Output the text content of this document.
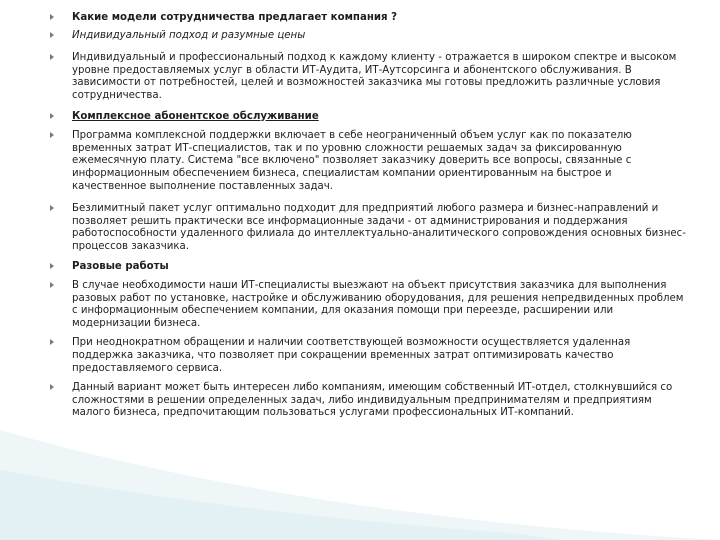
Какие модели сотрудничества предлагает компания ?

Индивидуальный подход и разумные цены

Индивидуальный и профессиональный подход к каждому клиенту - отражается в широком спектре и высоком уровне предоставляемых услуг в области ИТ-Аудита, ИТ-Аутсорсинга и абонентского обслуживания. В зависимости от потребностей, целей и возможностей заказчика мы готовы предложить различные условия сотрудничества.

Комплексное абонентское обслуживание

Программа комплексной поддержки включает в себе неограниченный объем услуг как по показателю временных затрат ИТ-специалистов, так и по уровню сложности решаемых задач за фиксированную ежемесячную плату. Система "все включено" позволяет заказчику доверить все вопросы, связанные с информационным обеспечением бизнеса, специалистам компании ориентированным на быстрое и качественное выполнение поставленных задач.

Безлимитный пакет услуг оптимально подходит для предприятий любого размера и бизнес-направлений и позволяет решить практически все информационные задачи - от администрирования и поддержания работоспособности удаленного филиала до интеллектуально-аналитического сопровождения основных бизнес-процессов заказчика.

Разовые работы

В случае необходимости наши ИТ-специалисты выезжают на объект присутствия заказчика для выполнения разовых работ по установке, настройке и обслуживанию оборудования, для решения непредвиденных проблем с информационным обеспечением компании, для оказания помощи при переезде, расширении или модернизации бизнеса.

При неоднократном обращении и наличии соответствующей возможности осуществляется удаленная поддержка заказчика, что позволяет при сокращении временных затрат оптимизировать качество предоставляемого сервиса.

Данный вариант может быть интересен либо компаниям, имеющим собственный ИТ-отдел, столкнувшийся со сложностями в решении определенных задач, либо индивидуальным предпринимателям и предприятиям малого бизнеса, предпочитающим пользоваться услугами профессиональных ИТ-компаний.
